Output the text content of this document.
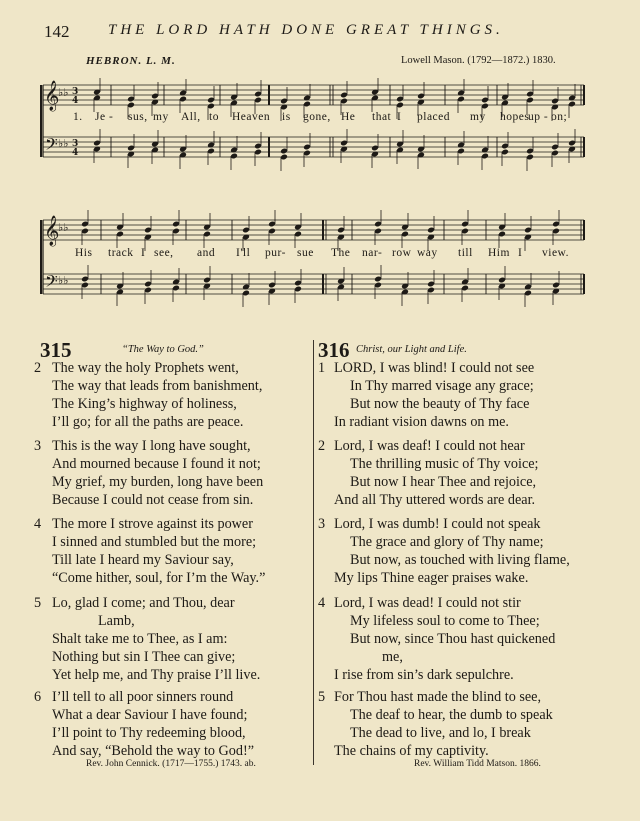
142	THE LORD HATH DONE GREAT THINGS.
HEBRON. L. M.	Lowell Mason. (1792—1872.) 1830.
𝄞
𝄢
♭♭
♭♭
3
4
3
4
𝄞
𝄢
♭♭
♭♭
1. Je - sus, my All, to Heaven is gone, He that I placed my hopes
up - on;
His track I see, and I'll pur- sue The nar- row way till Him I view.
315	“The Way to God.”
2 The way the holy Prophets went,
The way that leads from banishment,
The King’s highway of holiness,
I’ll go; for all the paths are peace.
3 This is the way I long have sought,
And mourned because I found it not;
My grief, my burden, long have been
Because I could not cease from sin.
4 The more I strove against its power
I sinned and stumbled but the more;
Till late I heard my Saviour say,
“Come hither, soul, for I’m the Way.”
5 Lo, glad I come; and Thou, dear
Lamb,
Shalt take me to Thee, as I am:
Nothing but sin I Thee can give;
Yet help me, and Thy praise I’ll live.
6 I’ll tell to all poor sinners round
What a dear Saviour I have found;
I’ll point to Thy redeeming blood,
And say, “Behold the way to God!”
Rev. John Cennick. (1717—1755.) 1743. ab.
316 Christ, our Light and Life.
1 LORD, I was blind! I could not see
In Thy marred visage any grace;
But now the beauty of Thy face
In radiant vision dawns on me.
2 Lord, I was deaf! I could not hear
The thrilling music of Thy voice;
But now I hear Thee and rejoice,
And all Thy uttered words are dear.
3 Lord, I was dumb! I could not speak
The grace and glory of Thy name;
But now, as touched with living flame,
My lips Thine eager praises wake.
4 Lord, I was dead! I could not stir
My lifeless soul to come to Thee;
But now, since Thou hast quickened
me,
I rise from sin’s dark sepulchre.
5 For Thou hast made the blind to see,
The deaf to hear, the dumb to speak
The dead to live, and lo, I break
The chains of my captivity.
Rev. William Tidd Matson. 1866.
